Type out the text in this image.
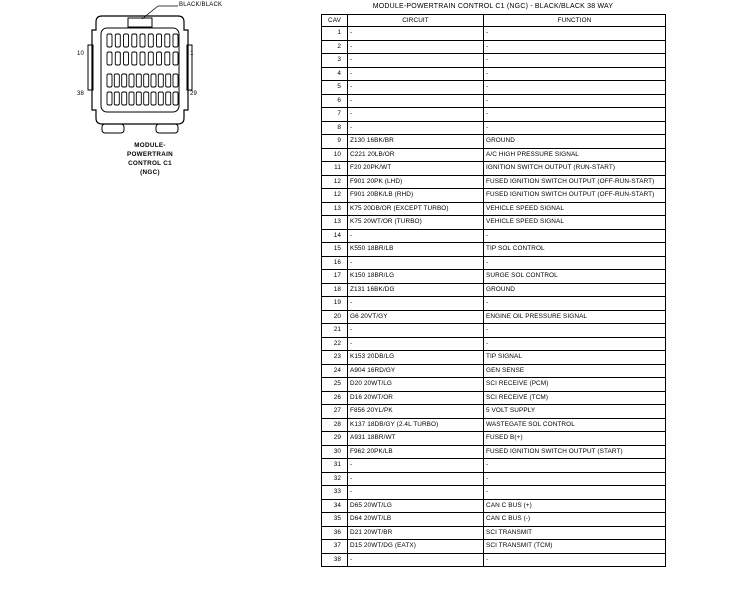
BLACK/BLACK
10	1
38	29
MODULE-
POWERTRAIN
CONTROL C1
(NGC)
MODULE-POWERTRAIN CONTROL C1 (NGC) - BLACK/BLACK 38 WAY
CAV	CIRCUIT	FUNCTION
1	-	-
2	-	-
3	-	-
4	-	-
5	-	-
6	-	-
7	-	-
8	-	-
9	Z130 16BK/BR	GROUND
10	C221 20LB/OR	A/C HIGH PRESSURE SIGNAL
11	F20 20PK/WT	IGNITION SWITCH OUTPUT (RUN-START)
12	F901 20PK (LHD)	FUSED IGNITION SWITCH OUTPUT (OFF-RUN-START)
12	F901 20BK/LB (RHD)	FUSED IGNITION SWITCH OUTPUT (OFF-RUN-START)
13	K75 20DB/OR (EXCEPT TURBO)	VEHICLE SPEED SIGNAL
13	K75 20WT/OR (TURBO)	VEHICLE SPEED SIGNAL
14	-	-
15	K550 18BR/LB	TIP SOL CONTROL
16	-	-
17	K150 18BR/LG	SURGE SOL CONTROL
18	Z131 16BK/DG	GROUND
19	-	-
20	G6 20VT/GY	ENGINE OIL PRESSURE SIGNAL
21	-	-
22	-	-
23	K153 20DB/LG	TIP SIGNAL
24	A904 16RD/GY	GEN SENSE
25	D20 20WT/LG	SCI RECEIVE (PCM)
26	D16 20WT/OR	SCI RECEIVE (TCM)
27	F856 20YL/PK	5 VOLT SUPPLY
28	K137 18DB/GY (2.4L TURBO)	WASTEGATE SOL CONTROL
29	A931 18BR/WT	FUSED B(+)
30	F962 20PK/LB	FUSED IGNITION SWITCH OUTPUT (START)
31	-	-
32	-	-
33	-	-
34	D65 20WT/LG	CAN C BUS (+)
35	D64 20WT/LB	CAN C BUS (-)
36	D21 20WT/BR	SCI TRANSMIT
37	D15 20WT/DG (EATX)	SCI TRANSMIT (TCM)
38	-	-
